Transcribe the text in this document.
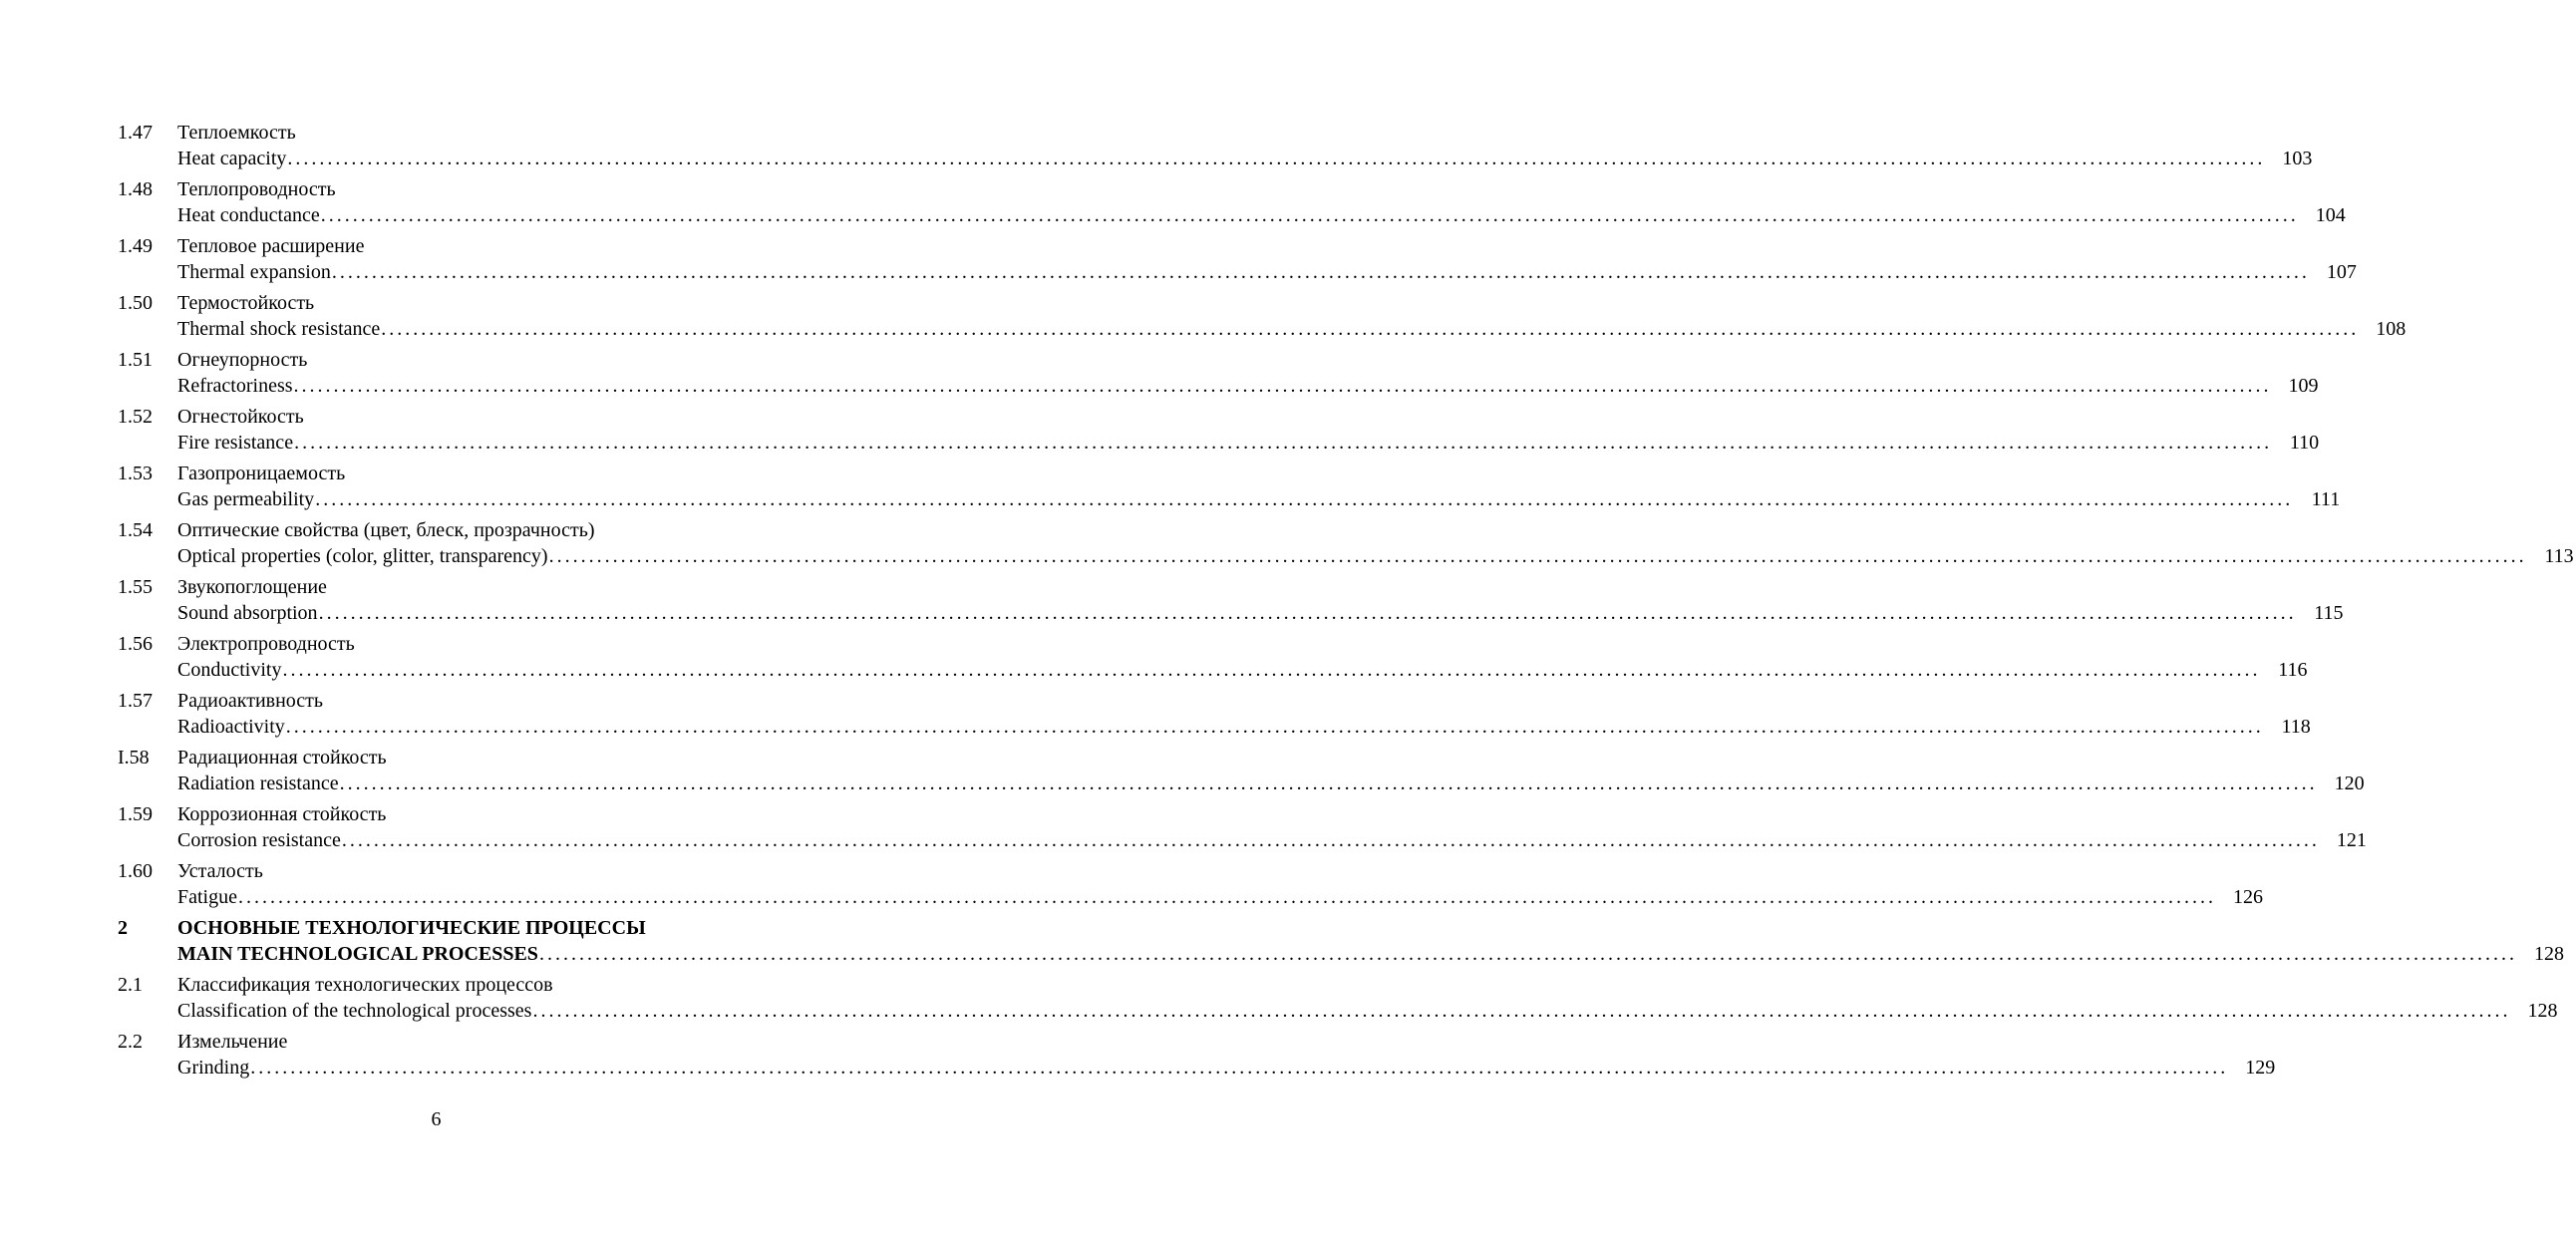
1.47	Теплоемкость
Heat capacity .....	103
1.48	Теплопроводность
Heat conductance .....	104
1.49	Тепловое расширение
Thermal expansion .....	107
1.50	Термостойкость
Thermal shock resistance .....	108
1.51	Огнеупорность
Refractoriness .....	109
1.52	Огнестойкость
Fire resistance .....	110
1.53	Газопроницаемость
Gas permeability .....	111
1.54	Оптические свойства (цвет, блеск, прозрачность)
Optical properties (color, glitter, transparency) .....	113
1.55	Звукопоглощение
Sound absorption .....	115
1.56	Электропроводность
Conductivity .....	116
1.57	Радиоактивность
Radioactivity .....	118
I.58	Радиационная стойкость
Radiation resistance .....	120
1.59	Коррозионная стойкость
Corrosion resistance .....	121
1.60	Усталость
Fatigue .....	126
2	ОСНОВНЫЕ ТЕХНОЛОГИЧЕСКИЕ ПРОЦЕССЫ
MAIN TECHNOLOGICAL PROCESSES .....	128
2.1	Классификация технологических процессов
Classification of the technological processes .....	128
2.2	Измельчение
Grinding .....	129
6
